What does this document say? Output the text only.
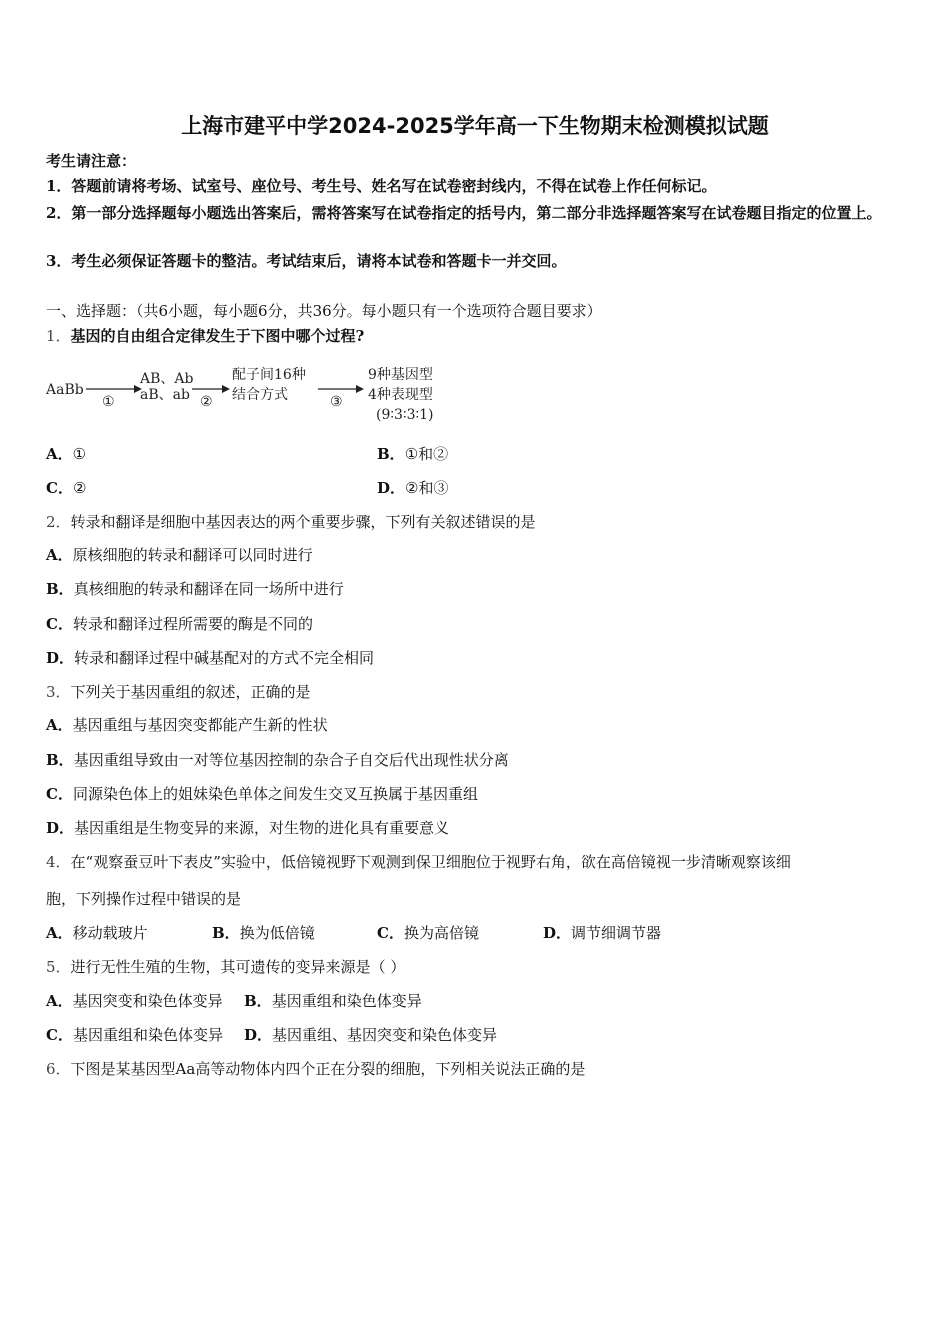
上海市建平中学2024-2025学年高一下生物期末检测模拟试题
考生请注意：
1．答题前请将考场、试室号、座位号、考生号、姓名写在试卷密封线内，不得在试卷上作任何标记。
2．第一部分选择题每小题选出答案后，需将答案写在试卷指定的括号内，第二部分非选择题答案写在试卷题目指定的位置上。
3．考生必须保证答题卡的整洁。考试结束后，请将本试卷和答题卡一并交回。
一、选择题：（共6小题，每小题6分，共36分。每小题只有一个选项符合题目要求）
1．基因的自由组合定律发生于下图中哪个过程?
AaBb
①
AB、Ab
aB、ab ②
配子间16种
结合方式	③
9种基因型
4种表现型
(9∶3∶3∶1)
A．①	B．①和②
C．②	D．②和③
2．转录和翻译是细胞中基因表达的两个重要步骤，下列有关叙述错误的是
A．原核细胞的转录和翻译可以同时进行
B．真核细胞的转录和翻译在同一场所中进行
C．转录和翻译过程所需要的酶是不同的
D．转录和翻译过程中碱基配对的方式不完全相同
3．下列关于基因重组的叙述，正确的是
A．基因重组与基因突变都能产生新的性状
B．基因重组导致由一对等位基因控制的杂合子自交后代出现性状分离
C．同源染色体上的姐妹染色单体之间发生交叉互换属于基因重组
D．基因重组是生物变异的来源，对生物的进化具有重要意义
4．在“观察蚕豆叶下表皮”实验中，低倍镜视野下观测到保卫细胞位于视野右角，欲在高倍镜视一步清晰观察该细
胞，下列操作过程中错误的是
A．移动载玻片	B．换为低倍镜	C．换为高倍镜	D．调节细调节器
5．进行无性生殖的生物，其可遗传的变异来源是（ ）
A．基因突变和染色体变异 B．基因重组和染色体变异
C．基因重组和染色体变异 D．基因重组、基因突变和染色体变异
6．下图是某基因型Aa高等动物体内四个正在分裂的细胞，下列相关说法正确的是
